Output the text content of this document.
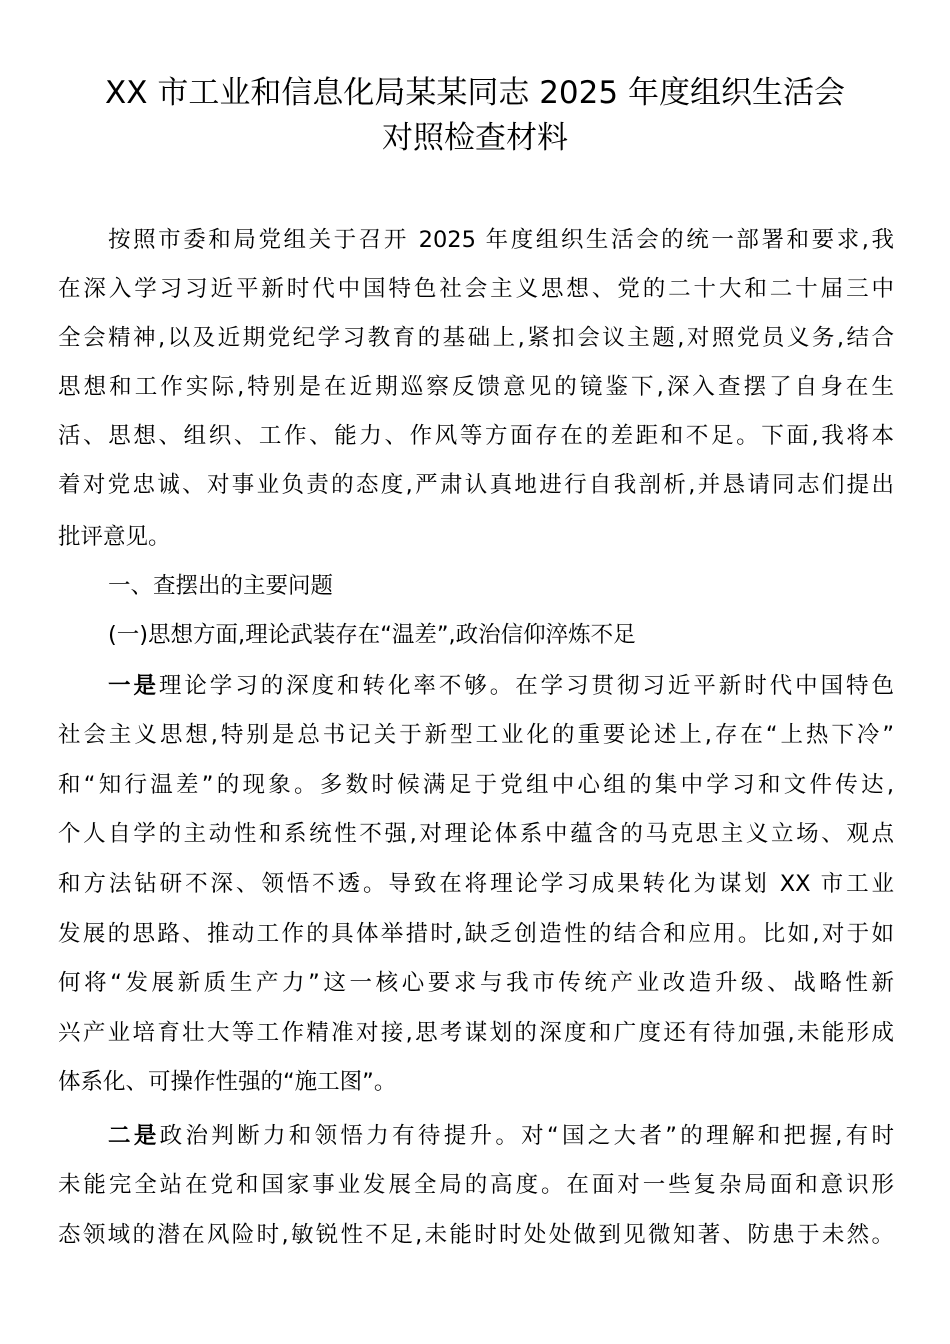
XX 市工业和信息化局某某同志 2025 年度组织生活会
对照检查材料
按照市委和局党组关于召开 2025 年度组织生活会的统一部署和要求,我
在深入学习习近平新时代中国特色社会主义思想、党的二十大和二十届三中
全会精神,以及近期党纪学习教育的基础上,紧扣会议主题,对照党员义务,结合
思想和工作实际,特别是在近期巡察反馈意见的镜鉴下,深入查摆了自身在生
活、思想、组织、工作、能力、作风等方面存在的差距和不足。下面,我将本
着对党忠诚、对事业负责的态度,严肃认真地进行自我剖析,并恳请同志们提出
批评意见。
一、查摆出的主要问题
(一)思想方面,理论武装存在“温差”,政治信仰淬炼不足
一是理论学习的深度和转化率不够。在学习贯彻习近平新时代中国特色
社会主义思想,特别是总书记关于新型工业化的重要论述上,存在“上热下冷”
和“知行温差”的现象。多数时候满足于党组中心组的集中学习和文件传达,
个人自学的主动性和系统性不强,对理论体系中蕴含的马克思主义立场、观点
和方法钻研不深、领悟不透。导致在将理论学习成果转化为谋划 XX 市工业
发展的思路、推动工作的具体举措时,缺乏创造性的结合和应用。比如,对于如
何将“发展新质生产力”这一核心要求与我市传统产业改造升级、战略性新
兴产业培育壮大等工作精准对接,思考谋划的深度和广度还有待加强,未能形成
体系化、可操作性强的“施工图”。
二是政治判断力和领悟力有待提升。对“国之大者”的理解和把握,有时
未能完全站在党和国家事业发展全局的高度。在面对一些复杂局面和意识形
态领域的潜在风险时,敏锐性不足,未能时时处处做到见微知著、防患于未然。
